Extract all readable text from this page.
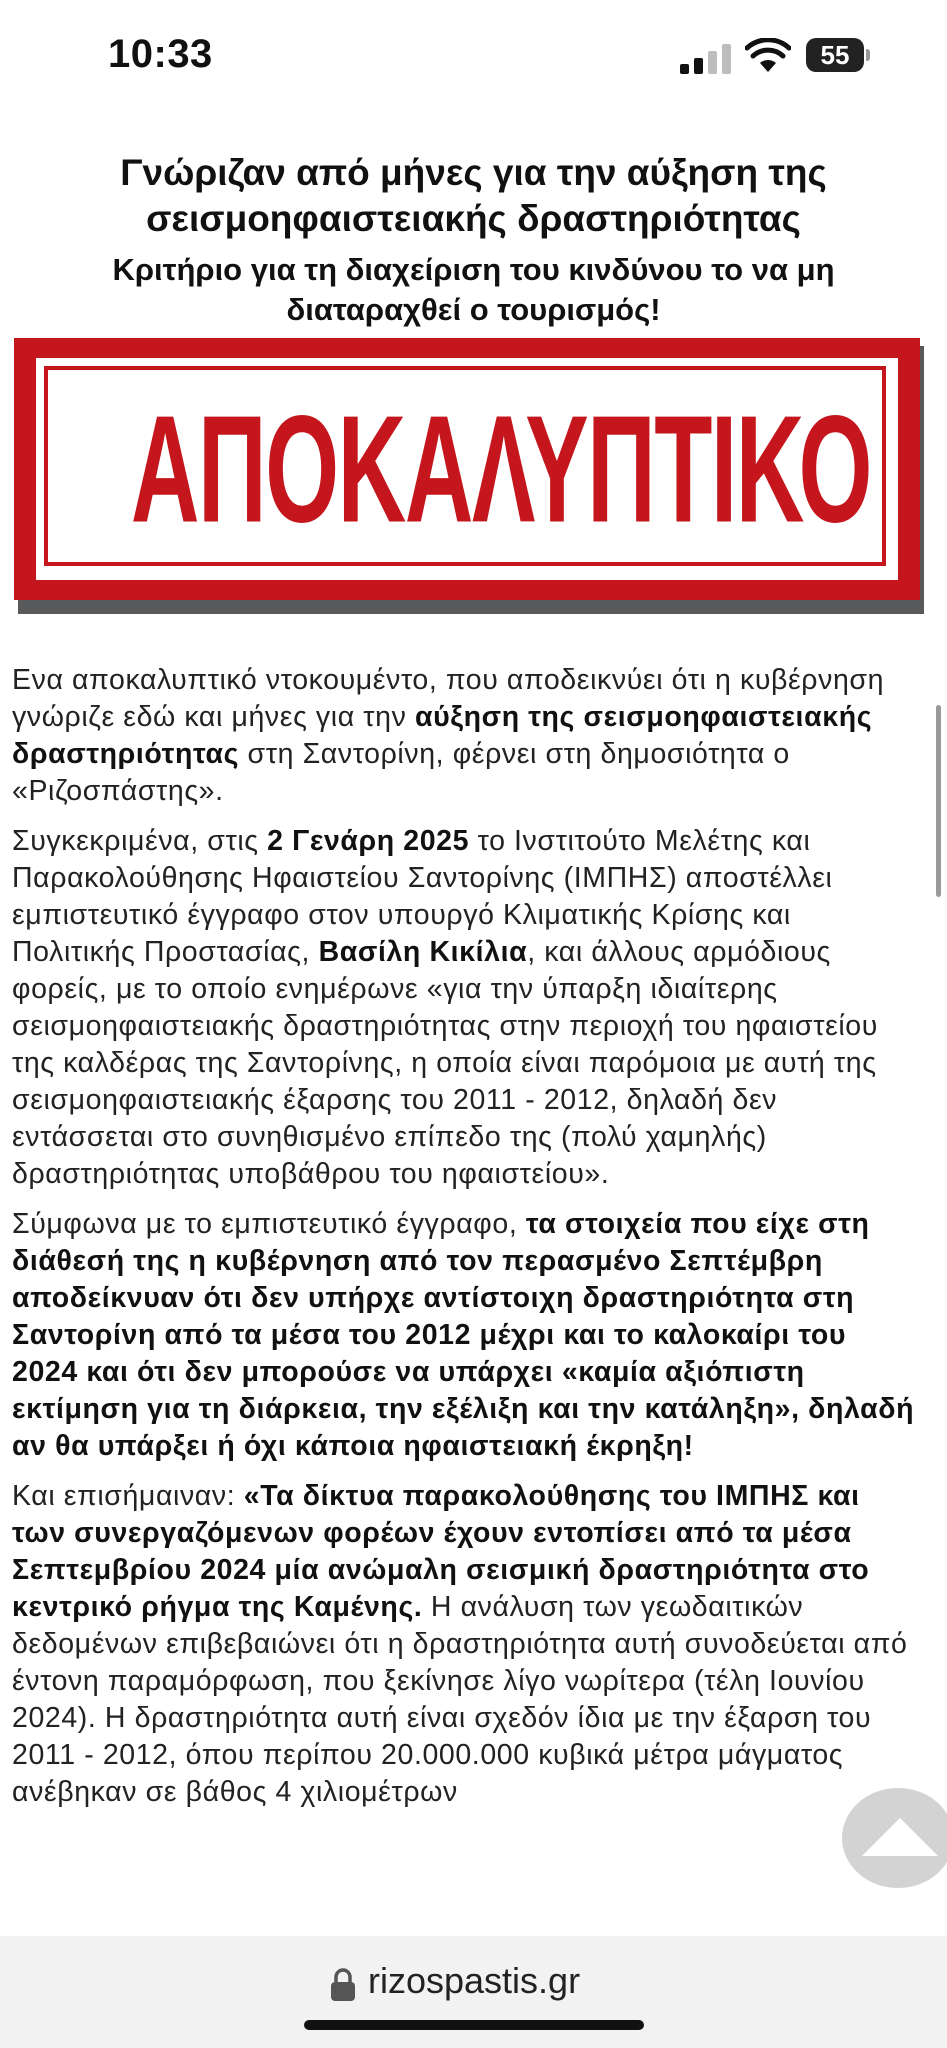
10:33	55
Γνώριζαν από μήνες για την αύξηση της
σεισμοηφαιστειακής δραστηριότητας
Κριτήριο για τη διαχείριση του κινδύνου το να μη
διαταραχθεί ο τουρισμός!
ΑΠΟΚΑΛΥΠΤΙΚΟ

Ενα αποκαλυπτικό ντοκουμέντο, που αποδεικνύει ότι η κυβέρνηση γνώριζε εδώ και μήνες για την αύξηση της σεισμοηφαιστειακής δραστηριότητας στη Σαντορίνη, φέρνει στη δημοσιότητα ο «Ριζοσπάστης».

Συγκεκριμένα, στις 2 Γενάρη 2025 το Ινστιτούτο Μελέτης και Παρακολούθησης Ηφαιστείου Σαντορίνης (ΙΜΠΗΣ) αποστέλλει εμπιστευτικό έγγραφο στον υπουργό Κλιματικής Κρίσης και Πολιτικής Προστασίας, Βασίλη Κικίλια, και άλλους αρμόδιους φορείς, με το οποίο ενημέρωνε «για την ύπαρξη ιδιαίτερης σεισμοηφαιστειακής δραστηριότητας στην περιοχή του ηφαιστείου της καλδέρας της Σαντορίνης, η οποία είναι παρόμοια με αυτή της σεισμοηφαιστειακής έξαρσης του 2011 - 2012, δηλαδή δεν εντάσσεται στο συνηθισμένο επίπεδο της (πολύ χαμηλής) δραστηριότητας υποβάθρου του ηφαιστείου».

Σύμφωνα με το εμπιστευτικό έγγραφο, τα στοιχεία που είχε στη διάθεσή της η κυβέρνηση από τον περασμένο Σεπτέμβρη αποδείκνυαν ότι δεν υπήρχε αντίστοιχη δραστηριότητα στη Σαντορίνη από τα μέσα του 2012 μέχρι και το καλοκαίρι του 2024 και ότι δεν μπορούσε να υπάρχει «καμία αξιόπιστη εκτίμηση για τη διάρκεια, την εξέλιξη και την κατάληξη», δηλαδή αν θα υπάρξει ή όχι κάποια ηφαιστειακή έκρηξη!

Και επισήμαιναν: «Τα δίκτυα παρακολούθησης του ΙΜΠΗΣ και των συνεργαζόμενων φορέων έχουν εντοπίσει από τα μέσα Σεπτεμβρίου 2024 μία ανώμαλη σεισμική δραστηριότητα στο κεντρικό ρήγμα της Καμένης. Η ανάλυση των γεωδαιτικών δεδομένων επιβεβαιώνει ότι η δραστηριότητα αυτή συνοδεύεται από έντονη παραμόρφωση, που ξεκίνησε λίγο νωρίτερα (τέλη Ιουνίου 2024). Η δραστηριότητα αυτή είναι σχεδόν ίδια με την έξαρση του 2011 - 2012, όπου περίπου 20.000.000 κυβικά μέτρα μάγματος ανέβηκαν σε βάθος 4 χιλιομέτρων

rizospastis.gr
